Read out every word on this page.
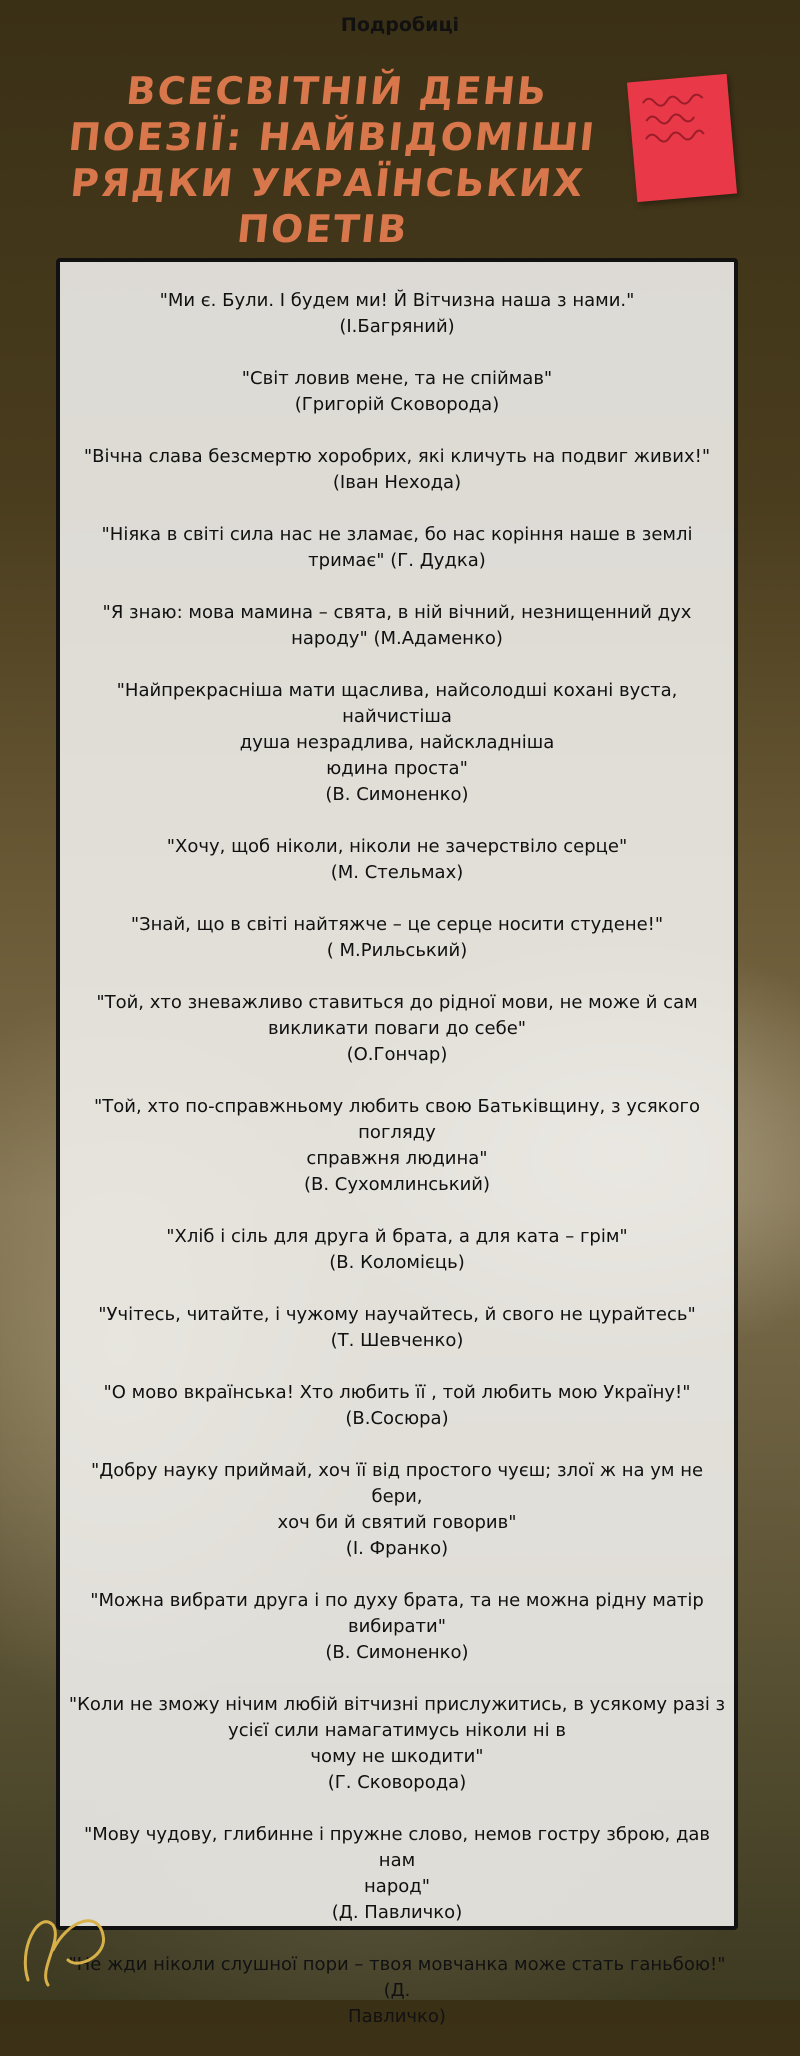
Подробиці
ВСЕСВІТНІЙ ДЕНЬ ПОЕЗІЇ: НАЙВІДОМІШІ РЯДКИ УКРАЇНСЬКИХ ПОЕТІВ

"Ми є. Були. І будем ми! Й Вітчизна наша з нами."

(І.Багряний)

"Світ ловив мене, та не спіймав"

(Григорій Сковорода)

"Вічна слава безсмертю хоробрих, які кличуть на подвиг живих!"

(Іван Нехода)

"Ніяка в світі сила нас не зламає, бо нас коріння наше в землі

тримає" (Г. Дудка)

"Я знаю: мова мамина – свята, в ній вічний, незнищенний дух

народу" (М.Адаменко)

"Найпрекрасніша мати щаслива, найсолодші кохані вуста, найчистіша

душа незрадлива, найскладніша

юдина проста"

(В. Симоненко)

"Хочу, щоб ніколи, ніколи не зачерствіло серце"

(М. Стельмах)

"Знай, що в світі найтяжче – це серце носити студене!"

( М.Рильський)

"Той, хто зневажливо ставиться до рідної мови, не може й сам

викликати поваги до себе"

(О.Гончар)

"Той, хто по-справжньому любить свою Батьківщину, з усякого погляду

справжня людина"

(В. Сухомлинський)

"Хліб і сіль для друга й брата, а для ката – грім"

(В. Коломієць)

"Учітесь, читайте, і чужому научайтесь, й свого не цурайтесь"

(Т. Шевченко)

"О мово вкраїнська! Хто любить її , той любить мою Україну!"

(В.Сосюра)

"Добру науку приймай, хоч її від простого чуєш; злої ж на ум не бери,

хоч би й святий говорив"

(І. Франко)

"Можна вибрати друга і по духу брата, та не можна рідну матір

вибирати"

(В. Симоненко)

"Коли не зможу нічим любій вітчизні прислужитись, в усякому разі з

усієї сили намагатимусь ніколи ні в

чому не шкодити"

(Г. Сковорода)

"Мову чудову, глибинне і пружне слово, немов гостру зброю, дав нам

народ"

(Д. Павличко)

"Не жди ніколи слушної пори – твоя мовчанка може стать ганьбою!" (Д.

Павличко)
